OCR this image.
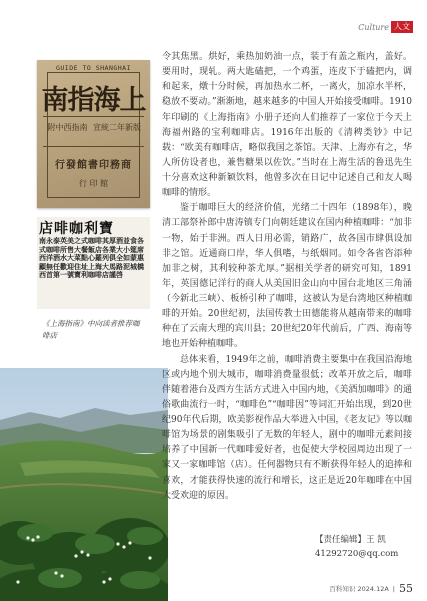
Culture 人文
GUIDE TO SHANGHAI
南指海上
附中西指南 宣統二年新版
行發館書印務商
行 印 館
店啡咖利寶
南永泰英美之式咖啡其厚酒並食各式咖啡所售大餐飯店各業大小筵席西洋酒水大菜點心羅列俱全如蒙惠顧無任歡迎住址上海大馬路泥城橋西首第一號寶利咖啡店謹啓
《上海指南》中向读者推荐咖啡店

令其焦黑。烘好，乘热加奶油一点，装于有盖之瓶内，盖好。要用时，现轧。两大匙磕把，一个鸡蛋，连皮下于磕把内，调和起来，燉十分时候，再加热水二杯，一离火，加凉水半杯，稳放不要动。”渐渐地，越来越多的中国人开始接受咖啡。1910年印刷的《上海指南》小册子还向人们推荐了一家位于今天上海福州路的宝利咖啡店。1916年出版的《清稗类钞》中记载：“欧美有咖啡店，略似我国之茶馆。天津、上海亦有之，华人所仿设者也，兼售糖果以佐饮。”当时在上海生活的鲁迅先生十分喜欢这种新颖饮料，他曾多次在日记中记述自己和友人喝咖啡的情形。

鉴于咖啡巨大的经济价值，光绪二十四年（1898年），晚清工部祭补郎中唐涛镇专门向朝廷建议在国内种植咖啡：“加非一物，始于非洲。西人日用必需，销路广，故各国市肆俱设加非之馆。近通商口岸，华人俱嗜，与纸烟同。如令各省咨添种加非之树，其利较种茶尤厚。”据相关学者的研究可知，1891年，英国德记洋行的商人从美国旧金山向中国台北地区三角涌（今新北三峡）、板桥引种了咖啡，这被认为是台湾地区种植咖啡的开始。20世纪初，法国传教士田德能将从越南带来的咖啡种在了云南大理的宾川县；20世纪20年代前后，广西、海南等地也开始种植咖啡。

总体来看，1949年之前，咖啡消费主要集中在我国沿海地区或内地个别大城市，咖啡消费量很低；改革开放之后，咖啡伴随着港台及西方生活方式进入中国内地，《美酒加咖啡》的通俗歌曲流行一时，“咖啡色”“咖啡因”等词汇开始出现，到20世纪90年代后期，欧美影视作品大举进入中国，《老友记》等以咖啡馆为场景的剧集吸引了无数的年轻人，剧中的咖啡元素间接培养了中国新一代咖啡爱好者，也促使大学校园周边出现了一家又一家咖啡馆（店）。任何器物只有不断获得年轻人的追捧和喜欢，才能获得快速的流行和增长，这正是近20年咖啡在中国大受欢迎的原因。

【责任编辑】王 凯
41292720@qq.com
百科知识 2024.12A | 55
